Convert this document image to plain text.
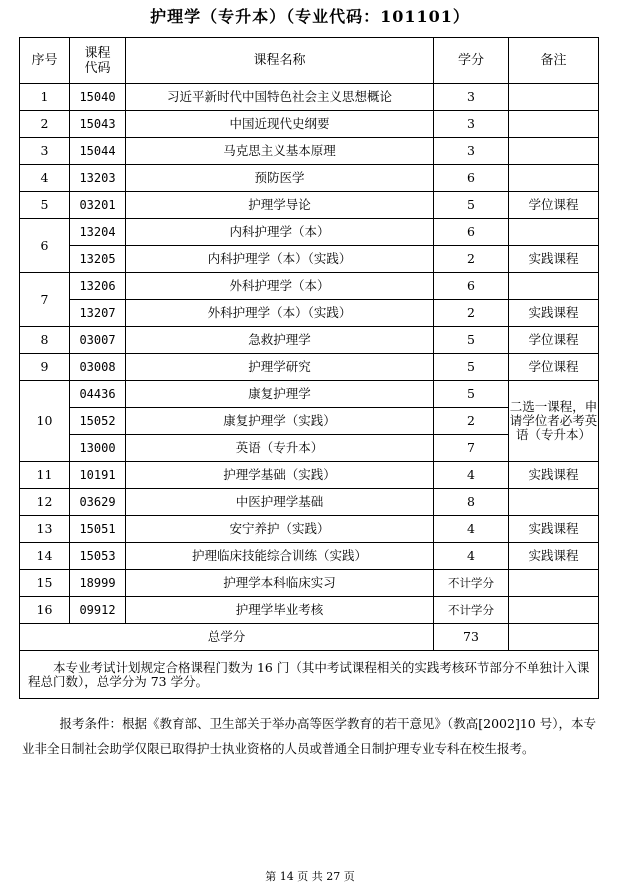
护理学（专升本）（专业代码：101101）
序号	课程代码	课程名称	学分	备注
1	15040	习近平新时代中国特色社会主义思想概论	3	
2	15043	中国近现代史纲要	3	
3	15044	马克思主义基本原理	3	
4	13203	预防医学	6	
5	03201	护理学导论	5	学位课程
6	13204	内科护理学（本）	6	
	13205	内科护理学（本）（实践）	2	实践课程
7	13206	外科护理学（本）	6	
	13207	外科护理学（本）（实践）	2	实践课程
8	03007	急救护理学	5	学位课程
9	03008	护理学研究	5	学位课程
10	04436	康复护理学	5	二选一课程，申请学位者必考英语（专升本）
	15052	康复护理学（实践）	2	
	13000	英语（专升本）	7	
11	10191	护理学基础（实践）	4	实践课程
12	03629	中医护理学基础	8	
13	15051	安宁养护（实践）	4	实践课程
14	15053	护理临床技能综合训练（实践）	4	实践课程
15	18999	护理学本科临床实习	不计学分	
16	09912	护理学毕业考核	不计学分	
总学分			73	
本专业考试计划规定合格课程门数为 16 门（其中考试课程相关的实践考核环节部分不单独计入课程总门数），总学分为 73 学分。				
报考条件：根据《教育部、卫生部关于举办高等医学教育的若干意见》（教高[2002]10 号），本专业非全日制社会助学仅限已取得护士执业资格的人员或普通全日制护理专业专科在校生报考。
第 14 页 共 27 页
